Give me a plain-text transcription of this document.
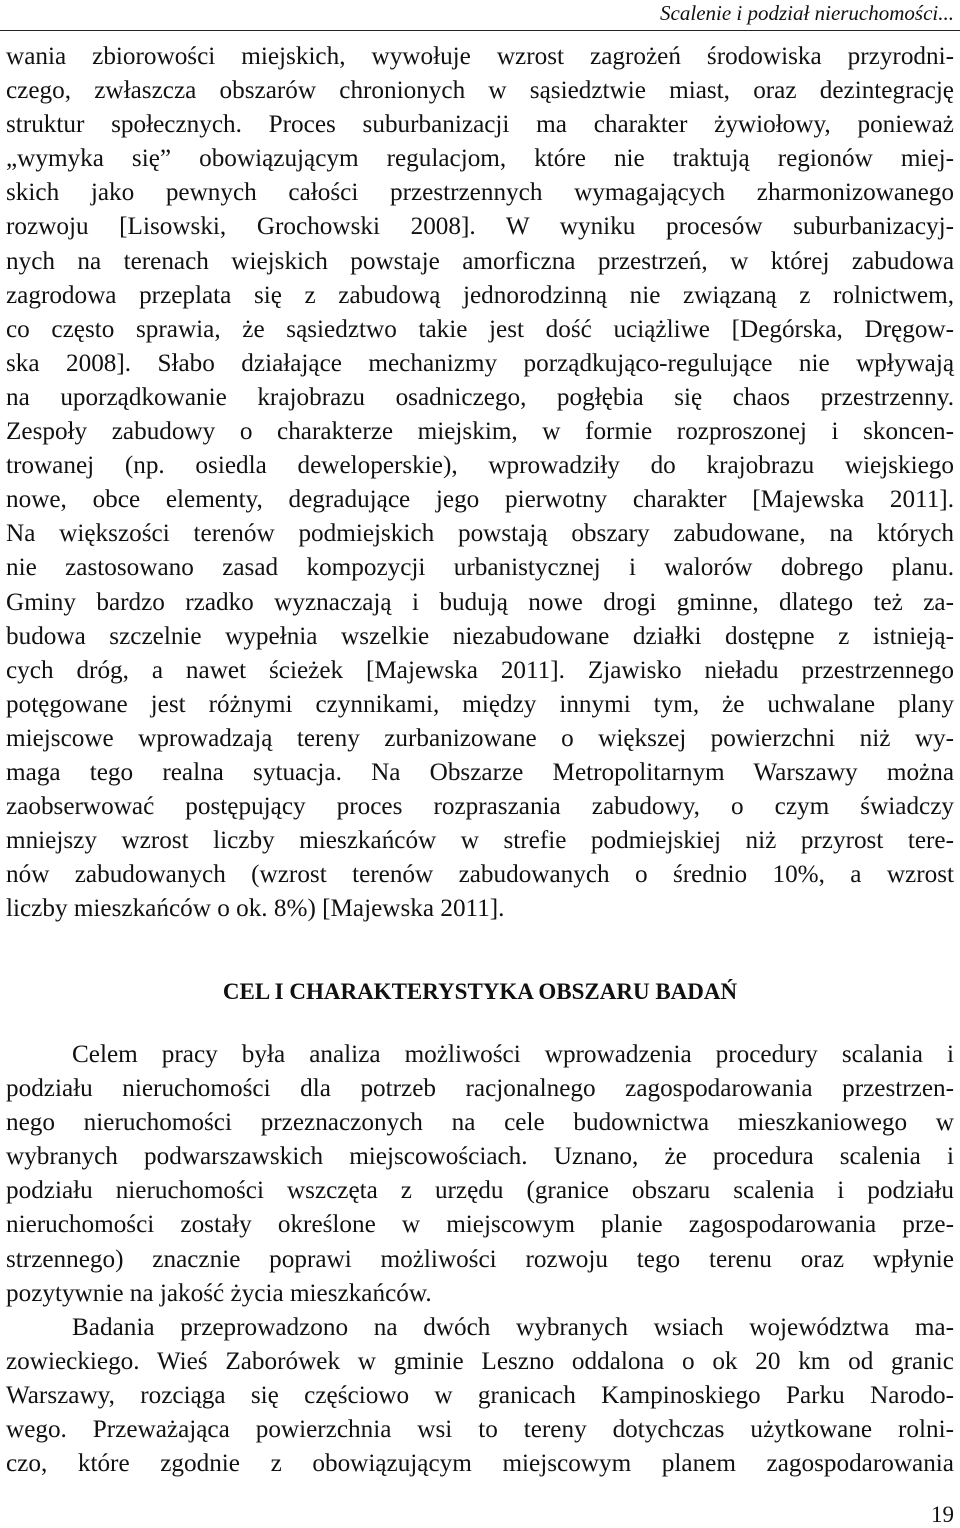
Scalenie i podział nieruchomości...
wania zbiorowości miejskich, wywołuje wzrost zagrożeń środowiska przyrodni-
czego, zwłaszcza obszarów chronionych w sąsiedztwie miast, oraz dezintegrację
struktur społecznych. Proces suburbanizacji ma charakter żywiołowy, ponieważ
„wymyka się” obowiązującym regulacjom, które nie traktują regionów miej-
skich jako pewnych całości przestrzennych wymagających zharmonizowanego
rozwoju [Lisowski, Grochowski 2008]. W wyniku procesów suburbanizacyj-
nych na terenach wiejskich powstaje amorficzna przestrzeń, w której zabudowa
zagrodowa przeplata się z zabudową jednorodzinną nie związaną z rolnictwem,
co często sprawia, że sąsiedztwo takie jest dość uciążliwe [Degórska, Dręgow-
ska 2008]. Słabo działające mechanizmy porządkująco-regulujące nie wpływają
na uporządkowanie krajobrazu osadniczego, pogłębia się chaos przestrzenny.
Zespoły zabudowy o charakterze miejskim, w formie rozproszonej i skoncen-
trowanej (np. osiedla deweloperskie), wprowadziły do krajobrazu wiejskiego
nowe, obce elementy, degradujące jego pierwotny charakter [Majewska 2011].
Na większości terenów podmiejskich powstają obszary zabudowane, na których
nie zastosowano zasad kompozycji urbanistycznej i walorów dobrego planu.
Gminy bardzo rzadko wyznaczają i budują nowe drogi gminne, dlatego też za-
budowa szczelnie wypełnia wszelkie niezabudowane działki dostępne z istnieją-
cych dróg, a nawet ścieżek [Majewska 2011]. Zjawisko nieładu przestrzennego
potęgowane jest różnymi czynnikami, między innymi tym, że uchwalane plany
miejscowe wprowadzają tereny zurbanizowane o większej powierzchni niż wy-
maga tego realna sytuacja. Na Obszarze Metropolitarnym Warszawy można
zaobserwować postępujący proces rozpraszania zabudowy, o czym świadczy
mniejszy wzrost liczby mieszkańców w strefie podmiejskiej niż przyrost tere-
nów zabudowanych (wzrost terenów zabudowanych o średnio 10%, a wzrost
liczby mieszkańców o ok. 8%) [Majewska 2011].
CEL I CHARAKTERYSTYKA OBSZARU BADAŃ
Celem pracy była analiza możliwości wprowadzenia procedury scalania i
podziału nieruchomości dla potrzeb racjonalnego zagospodarowania przestrzen-
nego nieruchomości przeznaczonych na cele budownictwa mieszkaniowego w
wybranych podwarszawskich miejscowościach. Uznano, że procedura scalenia i
podziału nieruchomości wszczęta z urzędu (granice obszaru scalenia i podziału
nieruchomości zostały określone w miejscowym planie zagospodarowania prze-
strzennego) znacznie poprawi możliwości rozwoju tego terenu oraz wpłynie
pozytywnie na jakość życia mieszkańców.
Badania przeprowadzono na dwóch wybranych wsiach województwa ma-
zowieckiego. Wieś Zaborówek w gminie Leszno oddalona o ok 20 km od granic
Warszawy, rozciąga się częściowo w granicach Kampinoskiego Parku Narodo-
wego. Przeważająca powierzchnia wsi to tereny dotychczas użytkowane rolni-
czo, które zgodnie z obowiązującym miejscowym planem zagospodarowania
19
